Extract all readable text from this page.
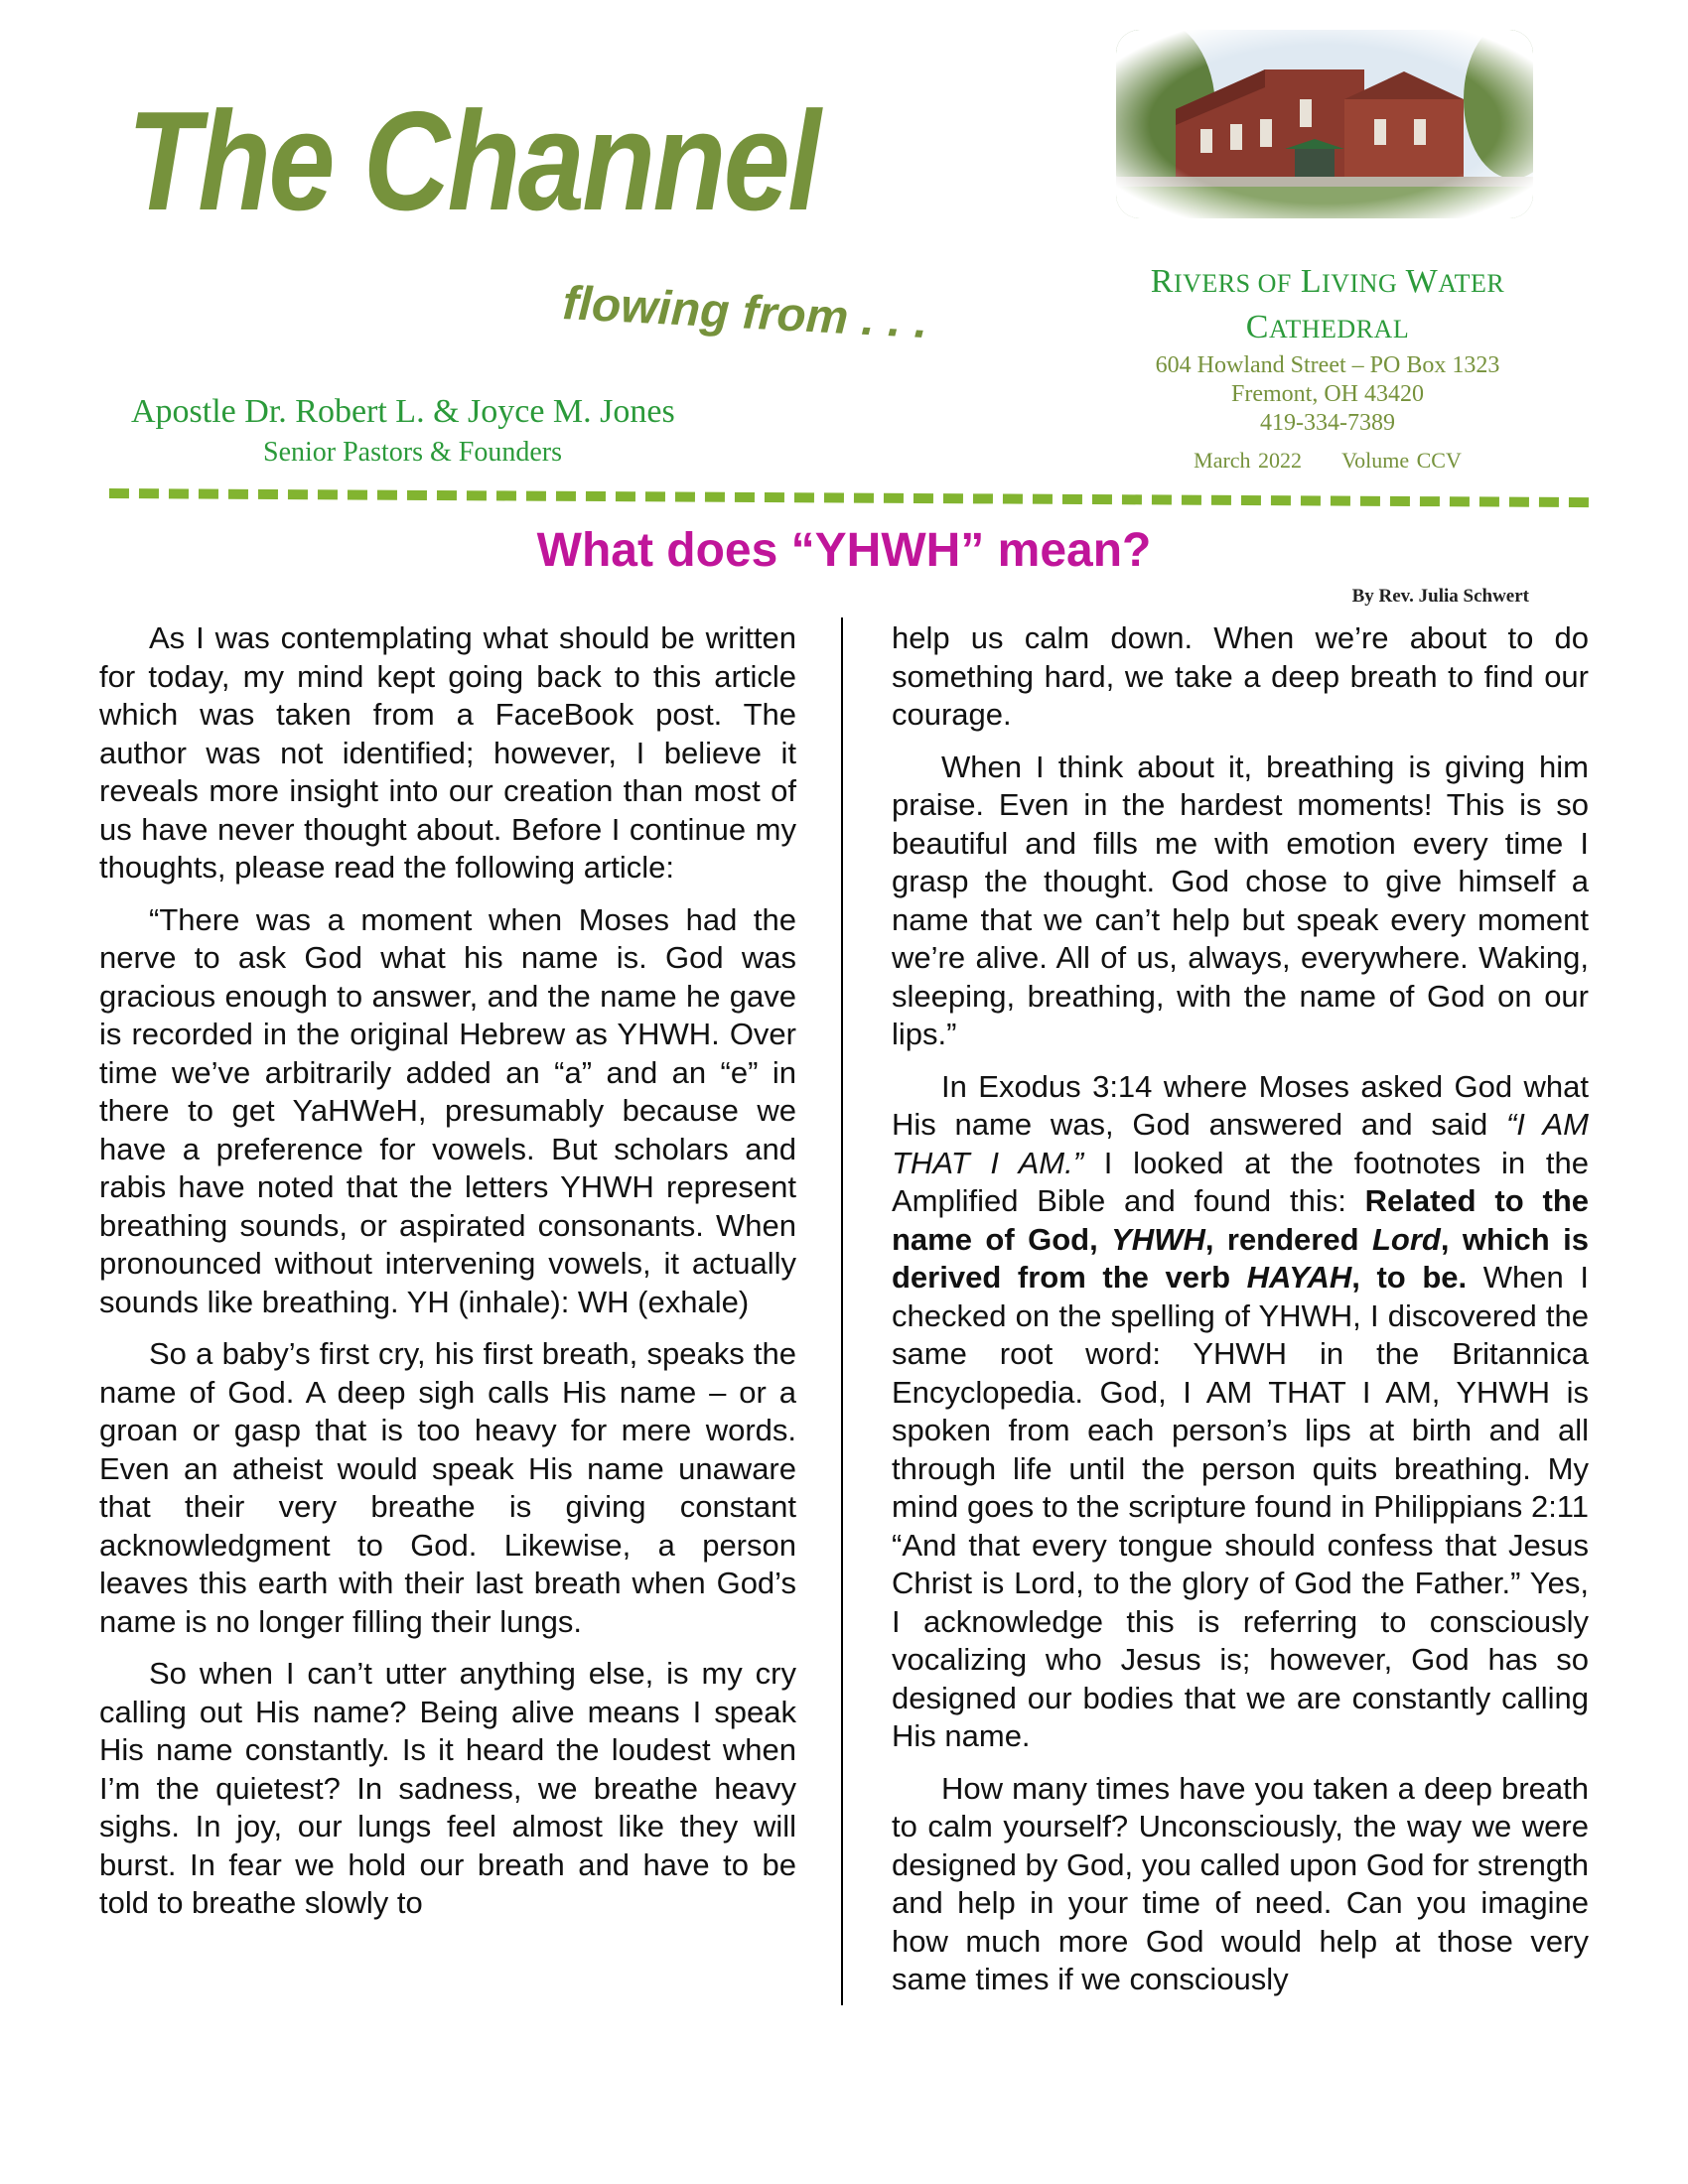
The Channel
flowing from . . .
Apostle Dr. Robert L. & Joyce M. Jones
Senior Pastors & Founders
RIVERS OF LIVING WATER
CATHEDRAL
604 Howland Street – PO Box 1323
Fremont, OH 43420
419-334-7389
March 2022 Volume CCV
What does “YHWH” mean?
By Rev. Julia Schwert

As I was contemplating what should be written for today, my mind kept going back to this article which was taken from a FaceBook post. The author was not identified; however, I believe it reveals more insight into our creation than most of us have never thought about. Before I continue my thoughts, please read the following article:

“There was a moment when Moses had the nerve to ask God what his name is. God was gracious enough to answer, and the name he gave is recorded in the original Hebrew as YHWH. Over time we’ve arbitrarily added an “a” and an “e” in there to get YaHWeH, presumably because we have a preference for vowels. But scholars and rabis have noted that the letters YHWH represent breathing sounds, or aspirated consonants. When pronounced without intervening vowels, it actually sounds like breathing. YH (inhale): WH (exhale)

So a baby’s first cry, his first breath, speaks the name of God. A deep sigh calls His name – or a groan or gasp that is too heavy for mere words. Even an atheist would speak His name unaware that their very breathe is giving constant acknowledgment to God. Likewise, a person leaves this earth with their last breath when God’s name is no longer filling their lungs.

So when I can’t utter anything else, is my cry calling out His name? Being alive means I speak His name constantly. Is it heard the loudest when I’m the quietest? In sadness, we breathe heavy sighs. In joy, our lungs feel almost like they will burst. In fear we hold our breath and have to be told to breathe slowly to

help us calm down. When we’re about to do something hard, we take a deep breath to find our courage.

When I think about it, breathing is giving him praise. Even in the hardest moments! This is so beautiful and fills me with emotion every time I grasp the thought. God chose to give himself a name that we can’t help but speak every moment we’re alive. All of us, always, everywhere. Waking, sleeping, breathing, with the name of God on our lips.”

In Exodus 3:14 where Moses asked God what His name was, God answered and said “I AM THAT I AM.” I looked at the footnotes in the Amplified Bible and found this: Related to the name of God, YHWH, rendered Lord, which is derived from the verb HAYAH, to be. When I checked on the spelling of YHWH, I discovered the same root word: YHWH in the Britannica Encyclopedia. God, I AM THAT I AM, YHWH is spoken from each person’s lips at birth and all through life until the person quits breathing. My mind goes to the scripture found in Philippians 2:11 “And that every tongue should confess that Jesus Christ is Lord, to the glory of God the Father.” Yes, I acknowledge this is referring to consciously vocalizing who Jesus is; however, God has so designed our bodies that we are constantly calling His name.

How many times have you taken a deep breath to calm yourself? Unconsciously, the way we were designed by God, you called upon God for strength and help in your time of need. Can you imagine how much more God would help at those very same times if we consciously
